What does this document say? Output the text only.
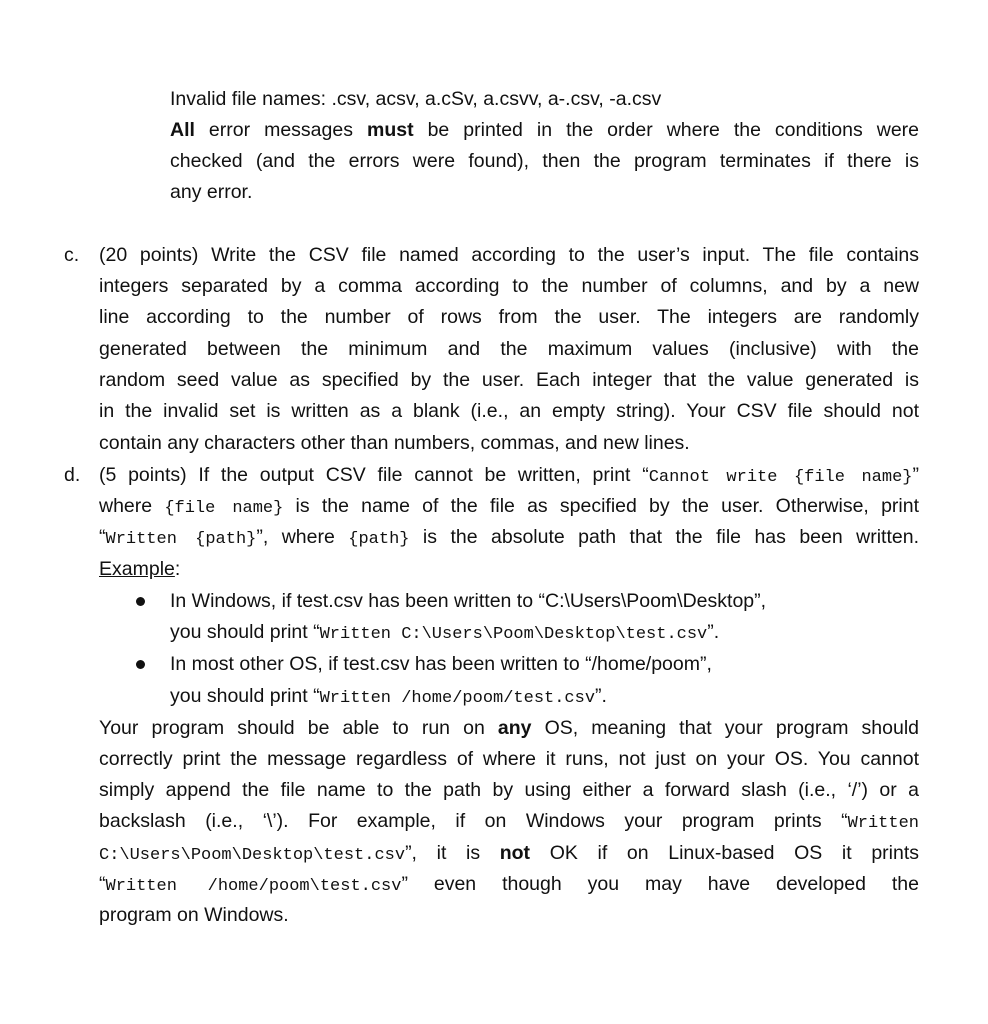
Invalid file names: .csv, acsv, a.cSv, a.csvv, a-.csv, -a.csv
All error messages must be printed in the order where the conditions were
checked (and the errors were found), then the program terminates if there is
any error.
c. (20 points) Write the CSV file named according to the user’s input. The file contains
integers separated by a comma according to the number of columns, and by a new
line according to the number of rows from the user. The integers are randomly
generated between the minimum and the maximum values (inclusive) with the
random seed value as specified by the user. Each integer that the value generated is
in the invalid set is written as a blank (i.e., an empty string). Your CSV file should not
contain any characters other than numbers, commas, and new lines.
d. (5 points) If the output CSV file cannot be written, print “Cannot write {file name}”
where {file name} is the name of the file as specified by the user. Otherwise, print
“Written {path}”, where {path} is the absolute path that the file has been written.
Example:
In Windows, if test.csv has been written to “C:\Users\Poom\Desktop”,
you should print “Written C:\Users\Poom\Desktop\test.csv”.
In most other OS, if test.csv has been written to “/home/poom”,
you should print “Written /home/poom/test.csv”.
Your program should be able to run on any OS, meaning that your program should
correctly print the message regardless of where it runs, not just on your OS. You cannot
simply append the file name to the path by using either a forward slash (i.e., ‘/’) or a
backslash (i.e., ‘\’). For example, if on Windows your program prints “Written
C:\Users\Poom\Desktop\test.csv”, it is not OK if on Linux-based OS it prints
“Written /home/poom\test.csv” even though you may have developed the
program on Windows.
